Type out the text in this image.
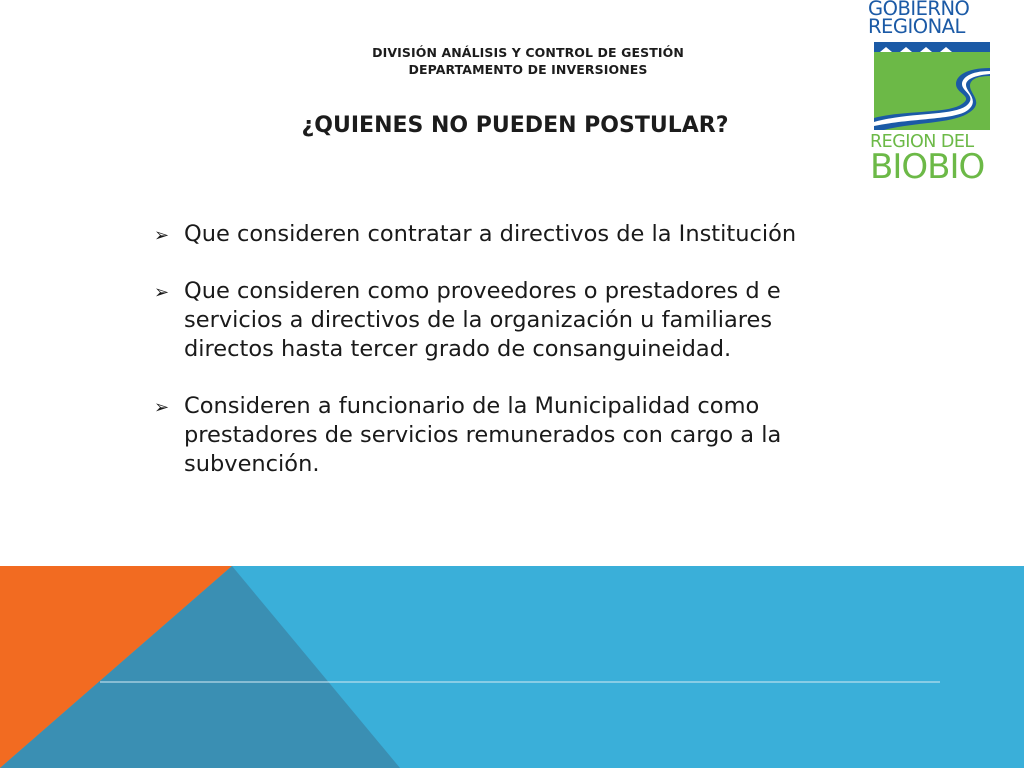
DIVISIÓN ANÁLISIS Y CONTROL DE GESTIÓN
DEPARTAMENTO DE INVERSIONES
¿QUIENES NO PUEDEN POSTULAR?
➢ Que consideren contratar a directivos de la Institución
➢ Que consideren como proveedores o prestadores d e
servicios a directivos de la organización u familiares
directos hasta tercer grado de consanguineidad.
➢ Consideren a funcionario de la Municipalidad como
prestadores de servicios remunerados con cargo a la
subvención.
GOBIERNO
REGIONAL
REGION DEL
BIOBIO
